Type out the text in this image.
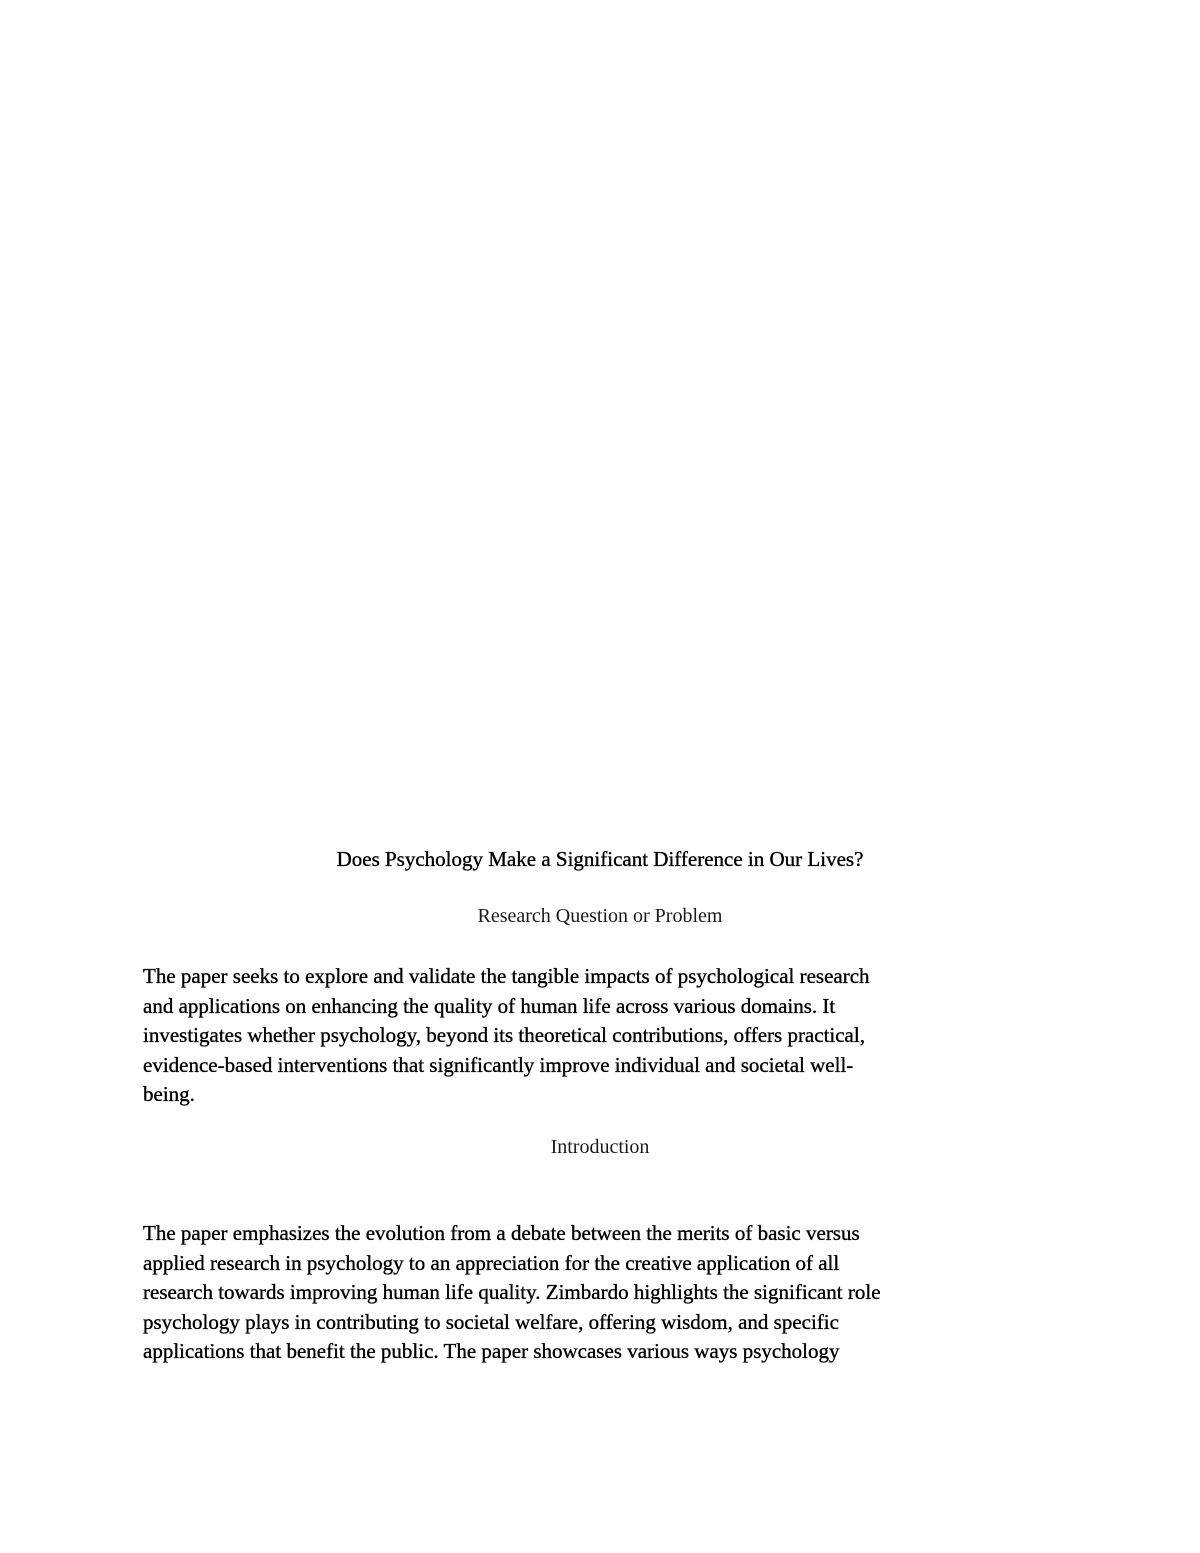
Does Psychology Make a Significant Difference in Our Lives?
Research Question or Problem

The paper seeks to explore and validate the tangible impacts of psychological research
and applications on enhancing the quality of human life across various domains. It
investigates whether psychology, beyond its theoretical contributions, offers practical,
evidence-based interventions that significantly improve individual and societal well-
being.

Introduction

The paper emphasizes the evolution from a debate between the merits of basic versus
applied research in psychology to an appreciation for the creative application of all
research towards improving human life quality. Zimbardo highlights the significant role
psychology plays in contributing to societal welfare, offering wisdom, and specific
applications that benefit the public. The paper showcases various ways psychology
